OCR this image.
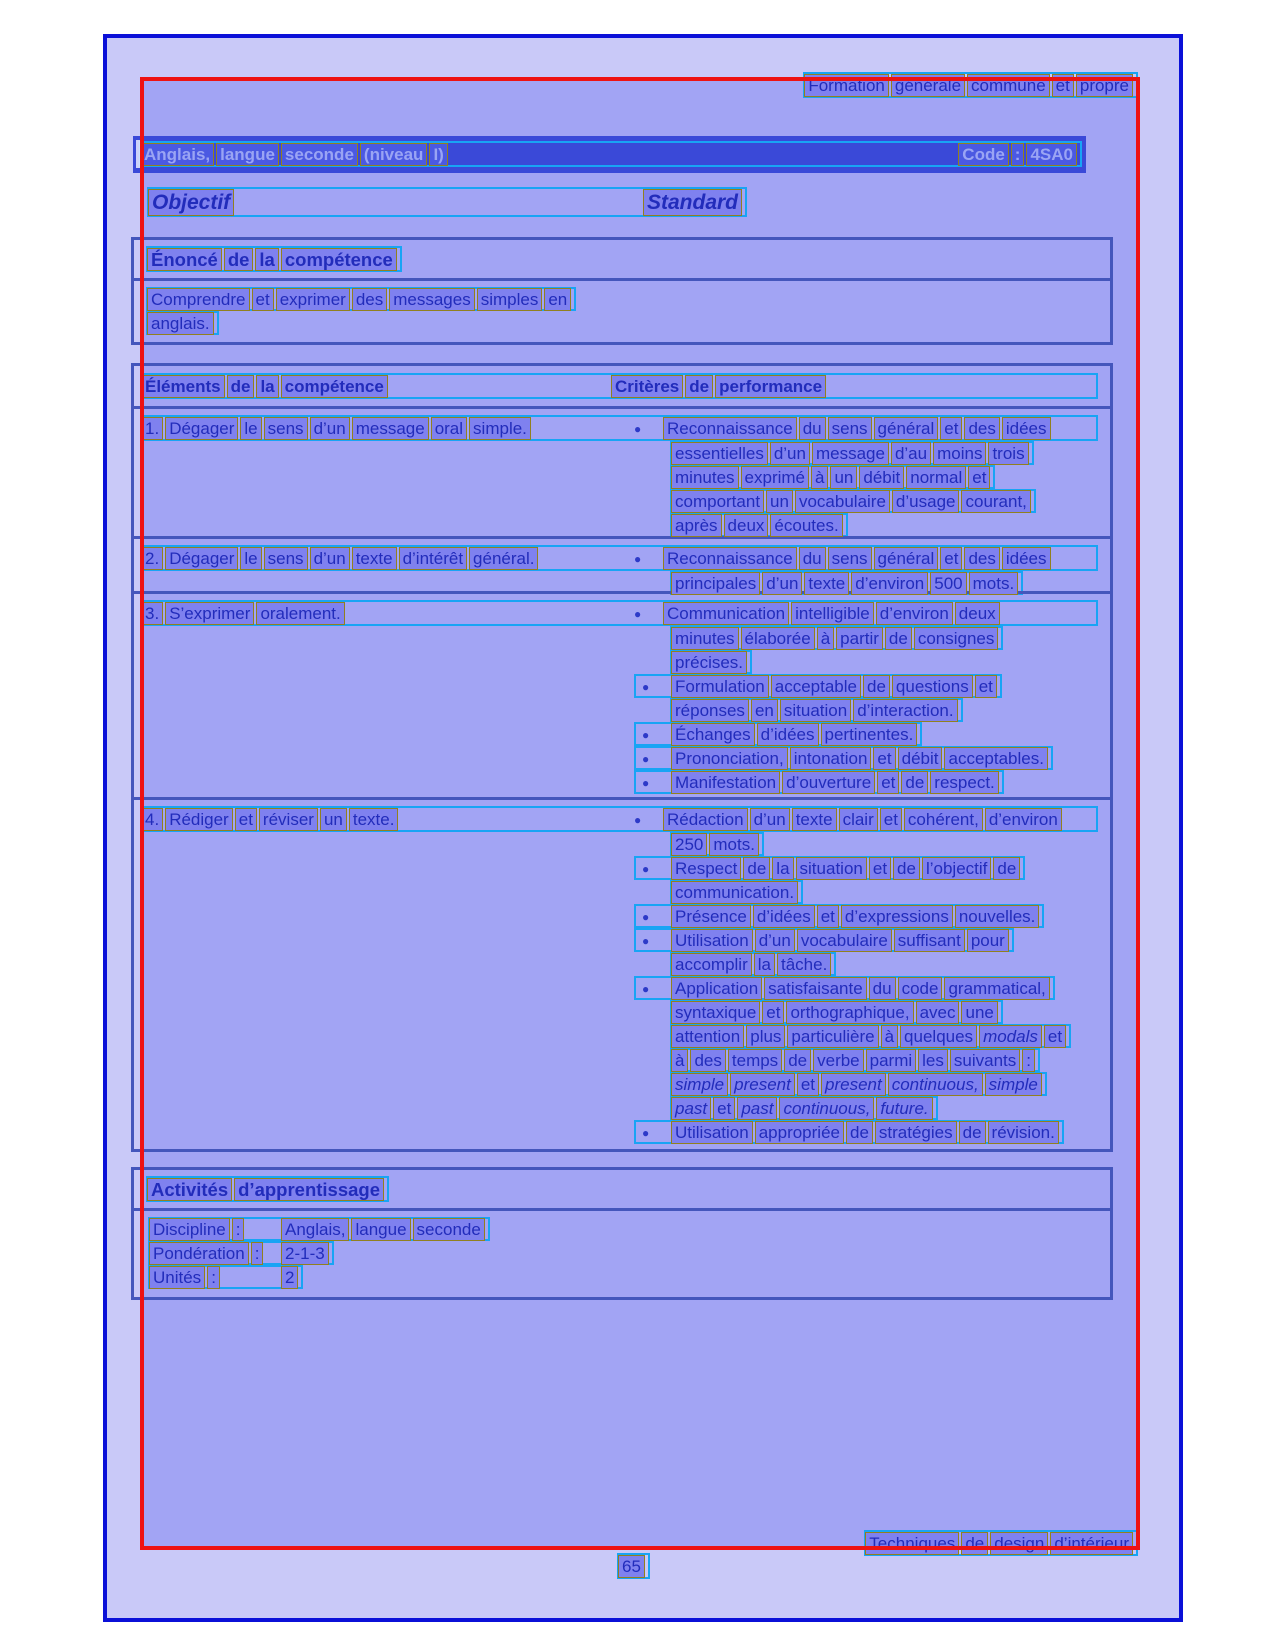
Formation générale commune et propre
Anglais, langue seconde (niveau I)	Code : 4SA0
Objectif	Standard
Énoncé de la compétence
Comprendre et exprimer des messages simples en
anglais.
Éléments de la compétence	Critères de performance
1. Dégager le sens d’un message oral simple. ●	Reconnaissance du sens général et des idées
essentielles d’un message d’au moins trois
minutes exprimé à un débit normal et
comportant un vocabulaire d’usage courant,
après deux écoutes.
2. Dégager le sens d’un texte d’intérêt général. ●	Reconnaissance du sens général et des idées
principales d’un texte d’environ 500 mots.
3. S’exprimer oralement. ●	Communication intelligible d’environ deux
minutes élaborée à partir de consignes
précises.
●
Formulation acceptable de questions et
réponses en situation d’interaction.
●
Échanges d’idées pertinentes.
●
Prononciation, intonation et débit acceptables.
●
Manifestation d’ouverture et de respect.
4. Rédiger et réviser un texte. ●	Rédaction d’un texte clair et cohérent, d’environ
250 mots.
●
Respect de la situation et de l’objectif de
communication.
●
Présence d’idées et d’expressions nouvelles.
●
Utilisation d’un vocabulaire suffisant pour
accomplir la tâche.
●
Application satisfaisante du code grammatical,
syntaxique et orthographique, avec une
attention plus particulière à quelques modals et
à des temps de verbe parmi les suivants :
simple present et present continuous, simple
past et past continuous, future.
●
Utilisation appropriée de stratégies de révision.
Activités d’apprentissage
Discipline :	Anglais, langue seconde
Pondération : 2-1-3
Unités :	2
Techniques de design d’intérieur
65
